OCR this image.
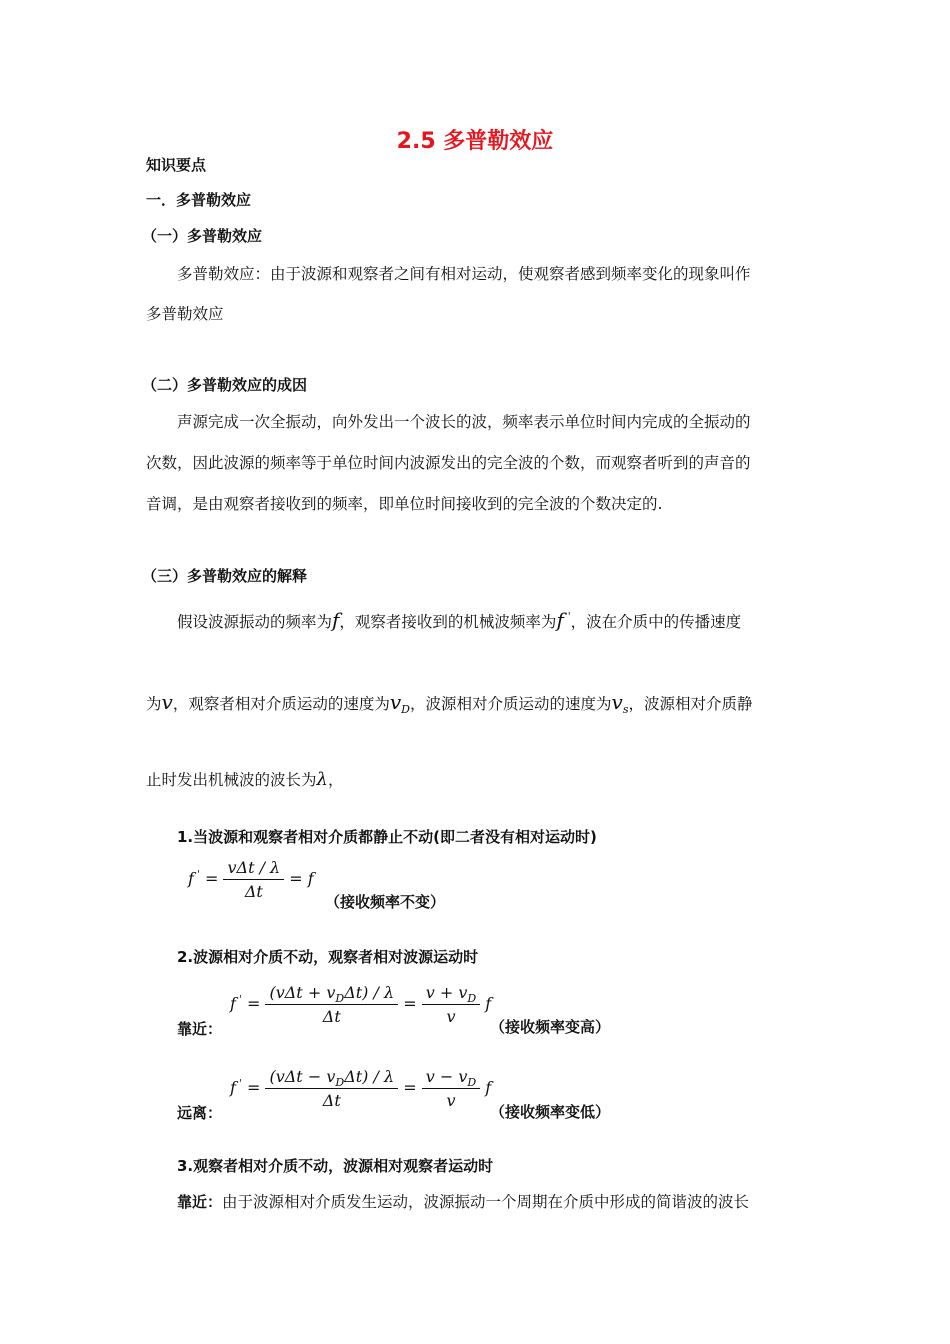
2.5 多普勒效应
知识要点
一．多普勒效应
（一）多普勒效应
多普勒效应：由于波源和观察者之间有相对运动，使观察者感到频率变化的现象叫作
多普勒效应
（二）多普勒效应的成因
声源完成一次全振动，向外发出一个波长的波，频率表示单位时间内完成的全振动的
次数，因此波源的频率等于单位时间内波源发出的完全波的个数，而观察者听到的声音的
音调，是由观察者接收到的频率，即单位时间接收到的完全波的个数决定的.
（三）多普勒效应的解释
假设波源振动的频率为f，观察者接收到的机械波频率为f '，波在介质中的传播速度
为v，观察者相对介质运动的速度为$v_D$，波源相对介质运动的速度为$v_s$，波源相对介质静
止时发出机械波的波长为λ，
1.当波源和观察者相对介质都静止不动(即二者没有相对运动时)
f $' = \frac{\text{vΔt / λ}}{\Delta t} = f$
（接收频率不变）
2.波源相对介质不动，观察者相对波源运动时
靠近：
f $' = \frac{(v\Delta t + v_D\Delta t) / \lambda}{\Delta t} = \frac{v + v_D}{v}$ f
（接收频率变高）
远离：
f $' = \frac{(v\Delta t - v_D\Delta t) / \lambda}{\Delta t} = \frac{v - v_D}{v}$ f
（接收频率变低）
3.观察者相对介质不动，波源相对观察者运动时
靠近：由于波源相对介质发生运动，波源振动一个周期在介质中形成的简谐波的波长
